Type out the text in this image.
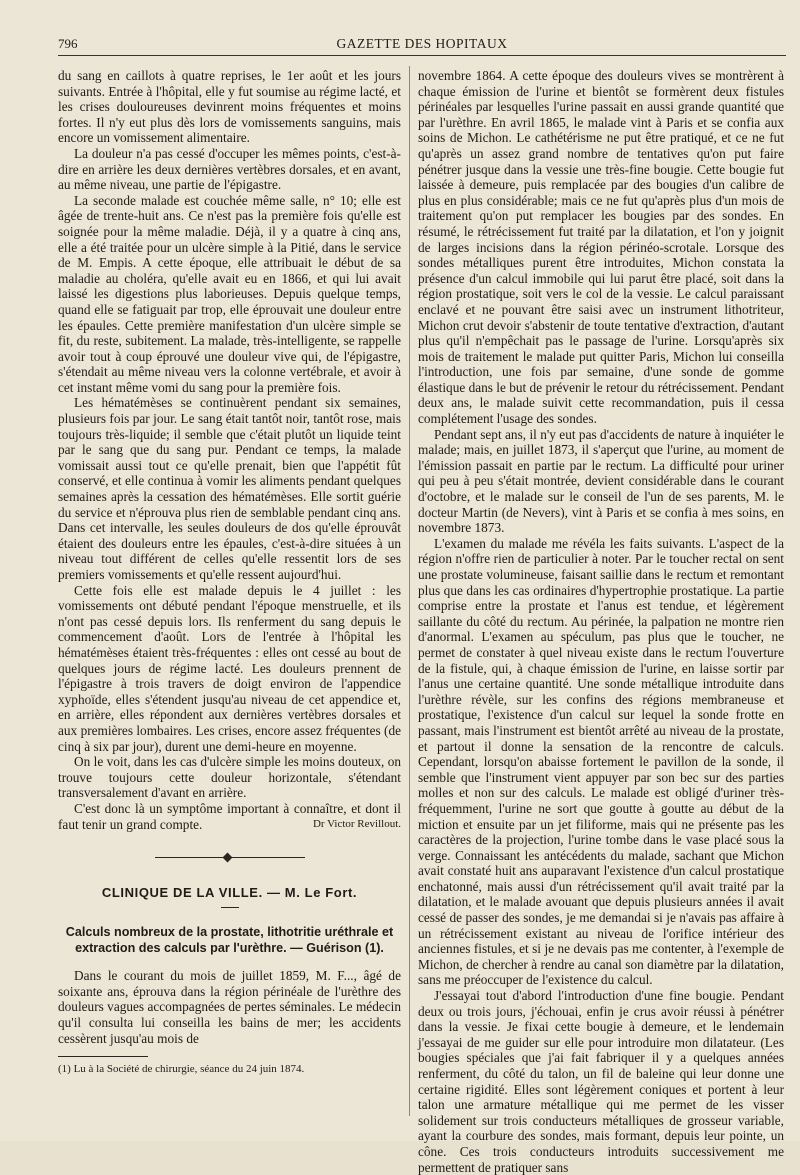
796	GAZETTE DES HOPITAUX

du sang en caillots à quatre reprises, le 1er août et les jours suivants. Entrée à l'hôpital, elle y fut soumise au régime lacté, et les crises douloureuses devinrent moins fréquentes et moins fortes. Il n'y eut plus dès lors de vomissements sanguins, mais encore un vomissement alimentaire.

La douleur n'a pas cessé d'occuper les mêmes points, c'est-à-dire en arrière les deux dernières vertèbres dorsales, et en avant, au même niveau, une partie de l'épigastre.

La seconde malade est couchée même salle, n° 10; elle est âgée de trente-huit ans. Ce n'est pas la première fois qu'elle est soignée pour la même maladie. Déjà, il y a quatre à cinq ans, elle a été traitée pour un ulcère simple à la Pitié, dans le service de M. Empis. A cette époque, elle attribuait le début de sa maladie au choléra, qu'elle avait eu en 1866, et qui lui avait laissé les digestions plus laborieuses. Depuis quelque temps, quand elle se fatiguait par trop, elle éprouvait une douleur entre les épaules. Cette première manifestation d'un ulcère simple se fit, du reste, subitement. La malade, très-intelligente, se rappelle avoir tout à coup éprouvé une douleur vive qui, de l'épigastre, s'étendait au même niveau vers la colonne vertébrale, et avoir à cet instant même vomi du sang pour la première fois.

Les hématémèses se continuèrent pendant six semaines, plusieurs fois par jour. Le sang était tantôt noir, tantôt rose, mais toujours très-liquide; il semble que c'était plutôt un liquide teint par le sang que du sang pur. Pendant ce temps, la malade vomissait aussi tout ce qu'elle prenait, bien que l'appétit fût conservé, et elle continua à vomir les aliments pendant quelques semaines après la cessation des hématémèses. Elle sortit guérie du service et n'éprouva plus rien de semblable pendant cinq ans. Dans cet intervalle, les seules douleurs de dos qu'elle éprouvât étaient des douleurs entre les épaules, c'est-à-dire situées à un niveau tout différent de celles qu'elle ressentit lors de ses premiers vomissements et qu'elle ressent aujourd'hui.

Cette fois elle est malade depuis le 4 juillet : les vomissements ont débuté pendant l'époque menstruelle, et ils n'ont pas cessé depuis lors. Ils renferment du sang depuis le commencement d'août. Lors de l'entrée à l'hôpital les hématémèses étaient très-fréquentes : elles ont cessé au bout de quelques jours de régime lacté. Les douleurs prennent de l'épigastre à trois travers de doigt environ de l'appendice xyphoïde, elles s'étendent jusqu'au niveau de cet appendice et, en arrière, elles répondent aux dernières vertèbres dorsales et aux premières lombaires. Les crises, encore assez fréquentes (de cinq à six par jour), durent une demi-heure en moyenne.

On le voit, dans les cas d'ulcère simple les moins douteux, on trouve toujours cette douleur horizontale, s'étendant transversalement d'avant en arrière.

C'est donc là un symptôme important à connaître, et dont il faut tenir un grand compte.	Dr Victor Revillout.
CLINIQUE DE LA VILLE. — M. Le Fort.
Calculs nombreux de la prostate, lithotritie uréthrale et extraction des calculs par l'urèthre. — Guérison (1).

Dans le courant du mois de juillet 1859, M. F..., âgé de soixante ans, éprouva dans la région périnéale de l'urèthre des douleurs vagues accompagnées de pertes séminales. Le médecin qu'il consulta lui conseilla les bains de mer; les accidents cessèrent jusqu'au mois de

(1) Lu à la Société de chirurgie, séance du 24 juin 1874.

novembre 1864. A cette époque des douleurs vives se montrèrent à chaque émission de l'urine et bientôt se formèrent deux fistules périnéales par lesquelles l'urine passait en aussi grande quantité que par l'urèthre. En avril 1865, le malade vint à Paris et se confia aux soins de Michon. Le cathétérisme ne put être pratiqué, et ce ne fut qu'après un assez grand nombre de tentatives qu'on put faire pénétrer jusque dans la vessie une très-fine bougie. Cette bougie fut laissée à demeure, puis remplacée par des bougies d'un calibre de plus en plus considérable; mais ce ne fut qu'après plus d'un mois de traitement qu'on put remplacer les bougies par des sondes. En résumé, le rétrécissement fut traité par la dilatation, et l'on y joignit de larges incisions dans la région périnéo-scrotale. Lorsque des sondes métalliques purent être introduites, Michon constata la présence d'un calcul immobile qui lui parut être placé, soit dans la région prostatique, soit vers le col de la vessie. Le calcul paraissant enclavé et ne pouvant être saisi avec un instrument lithotriteur, Michon crut devoir s'abstenir de toute tentative d'extraction, d'autant plus qu'il n'empêchait pas le passage de l'urine. Lorsqu'après six mois de traitement le malade put quitter Paris, Michon lui conseilla l'introduction, une fois par semaine, d'une sonde de gomme élastique dans le but de prévenir le retour du rétrécissement. Pendant deux ans, le malade suivit cette recommandation, puis il cessa complétement l'usage des sondes.

Pendant sept ans, il n'y eut pas d'accidents de nature à inquiéter le malade; mais, en juillet 1873, il s'aperçut que l'urine, au moment de l'émission passait en partie par le rectum. La difficulté pour uriner qui peu à peu s'était montrée, devient considérable dans le courant d'octobre, et le malade sur le conseil de l'un de ses parents, M. le docteur Martin (de Nevers), vint à Paris et se confia à mes soins, en novembre 1873.

L'examen du malade me révéla les faits suivants. L'aspect de la région n'offre rien de particulier à noter. Par le toucher rectal on sent une prostate volumineuse, faisant saillie dans le rectum et remontant plus que dans les cas ordinaires d'hypertrophie prostatique. La partie comprise entre la prostate et l'anus est tendue, et légèrement saillante du côté du rectum. Au périnée, la palpation ne montre rien d'anormal. L'examen au spéculum, pas plus que le toucher, ne permet de constater à quel niveau existe dans le rectum l'ouverture de la fistule, qui, à chaque émission de l'urine, en laisse sortir par l'anus une certaine quantité. Une sonde métallique introduite dans l'urèthre révèle, sur les confins des régions membraneuse et prostatique, l'existence d'un calcul sur lequel la sonde frotte en passant, mais l'instrument est bientôt arrêté au niveau de la prostate, et partout il donne la sensation de la rencontre de calculs. Cependant, lorsqu'on abaisse fortement le pavillon de la sonde, il semble que l'instrument vient appuyer par son bec sur des parties molles et non sur des calculs. Le malade est obligé d'uriner très-fréquemment, l'urine ne sort que goutte à goutte au début de la miction et ensuite par un jet filiforme, mais qui ne présente pas les caractères de la projection, l'urine tombe dans le vase placé sous la verge. Connaissant les antécédents du malade, sachant que Michon avait constaté huit ans auparavant l'existence d'un calcul prostatique enchatonné, mais aussi d'un rétrécissement qu'il avait traité par la dilatation, et le malade avouant que depuis plusieurs années il avait cessé de passer des sondes, je me demandai si je n'avais pas affaire à un rétrécissement existant au niveau de l'orifice intérieur des anciennes fistules, et si je ne devais pas me contenter, à l'exemple de Michon, de chercher à rendre au canal son diamètre par la dilatation, sans me préoccuper de l'existence du calcul.

J'essayai tout d'abord l'introduction d'une fine bougie. Pendant deux ou trois jours, j'échouai, enfin je crus avoir réussi à pénétrer dans la vessie. Je fixai cette bougie à demeure, et le lendemain j'essayai de me guider sur elle pour introduire mon dilatateur. (Les bougies spéciales que j'ai fait fabriquer il y a quelques années renferment, du côté du talon, un fil de baleine qui leur donne une certaine rigidité. Elles sont légèrement coniques et portent à leur talon une armature métallique qui me permet de les visser solidement sur trois conducteurs métalliques de grosseur variable, ayant la courbure des sondes, mais formant, depuis leur pointe, un cône. Ces trois conducteurs introduits successivement me permettent de pratiquer sans
